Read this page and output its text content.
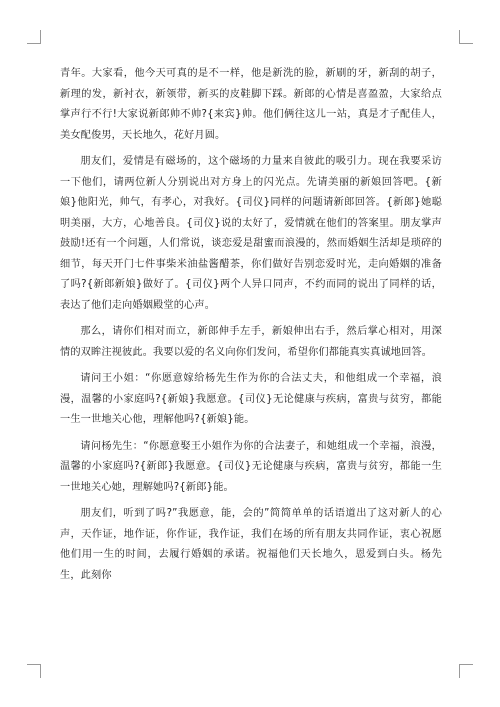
青年。大家看，他今天可真的是不一样，他是新洗的脸，新刷的牙，新刮的胡子，新理的发，新衬衣，新领带，新买的皮鞋脚下踩。新郎的心情是喜盈盈，大家给点掌声行不行!大家说新郎帅不帅?{来宾}帅。他们俩往这儿一站，真是才子配佳人，美女配俊男，天长地久，花好月圆。

朋友们，爱情是有磁场的，这个磁场的力量来自彼此的吸引力。现在我要采访一下他们，请两位新人分别说出对方身上的闪光点。先请美丽的新娘回答吧。{新娘}他阳光，帅气，有孝心，对我好。{司仪}同样的问题请新郎回答。{新郎}她聪明美丽，大方，心地善良。{司仪}说的太好了，爱情就在他们的答案里。朋友掌声鼓励!还有一个问题，人们常说，谈恋爱是甜蜜而浪漫的，然而婚姻生活却是琐碎的细节，每天开门七件事柴米油盐酱醋茶，你们做好告别恋爱时光，走向婚姻的准备了吗?{新郎新娘}做好了。{司仪}两个人异口同声，不约而同的说出了同样的话，表达了他们走向婚姻殿堂的心声。

那么，请你们相对而立，新郎伸手左手，新娘伸出右手，然后掌心相对，用深情的双眸注视彼此。我要以爱的名义向你们发问，希望你们都能真实真诚地回答。

请问王小姐：“你愿意嫁给杨先生作为你的合法丈夫，和他组成一个幸福，浪漫，温馨的小家庭吗?{新娘}我愿意。{司仪}无论健康与疾病，富贵与贫穷，都能一生一世地关心他，理解他吗?{新娘}能。

请问杨先生：“你愿意娶王小姐作为你的合法妻子，和她组成一个幸福，浪漫，温馨的小家庭吗?{新郎}我愿意。{司仪}无论健康与疾病，富贵与贫穷，都能一生一世地关心她，理解她吗?{新郎}能。

朋友们，听到了吗?”我愿意，能，会的”简简单单的话语道出了这对新人的心声，天作证，地作证，你作证，我作证，我们在场的所有朋友共同作证，衷心祝愿他们用一生的时间，去履行婚姻的承诺。祝福他们天长地久，恩爱到白头。杨先生，此刻你
